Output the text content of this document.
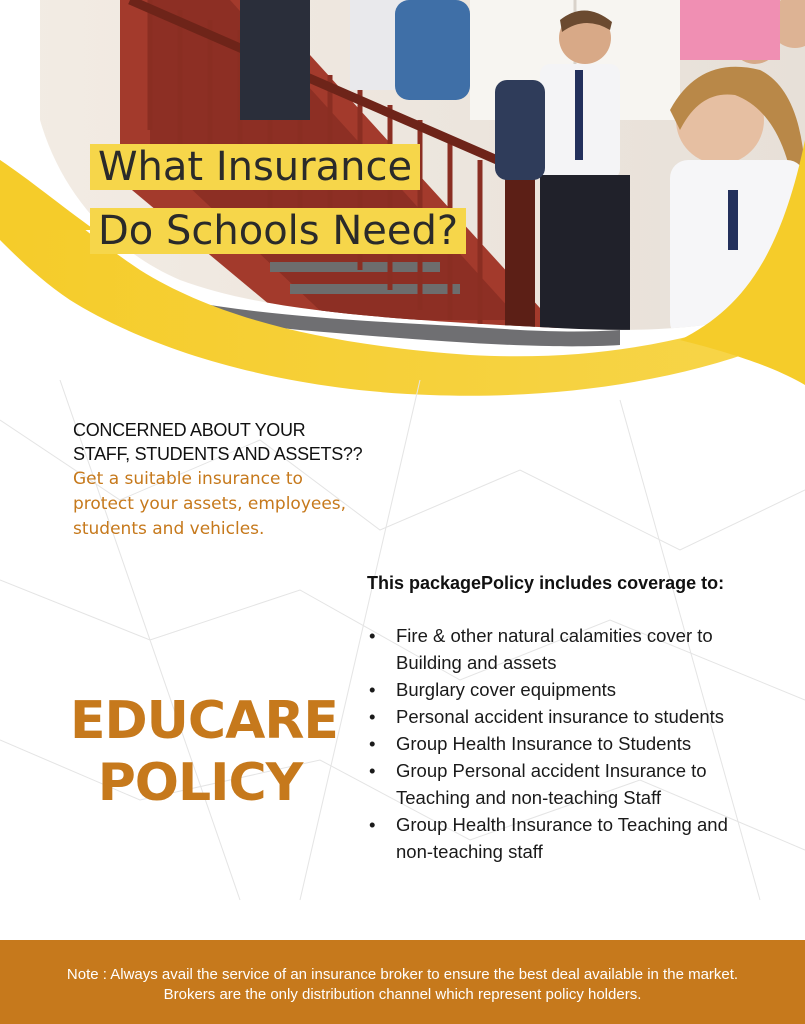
What Insurance
Do Schools Need?
CONCERNED ABOUT YOUR
STAFF, STUDENTS AND ASSETS??
Get a suitable insurance to
protect your assets, employees,
students and vehicles.
EDUCARE
POLICY
This packagePolicy includes coverage to:
• Fire & other natural calamities cover to
Building and assets
• Burglary cover equipments
• Personal accident insurance to students
• Group Health Insurance to Students
• Group Personal accident Insurance to
Teaching and non-teaching Staff
• Group Health Insurance to Teaching and
non-teaching staff
Note : Always avail the service of an insurance broker to ensure the best deal available in the market.
Brokers are the only distribution channel which represent policy holders.
